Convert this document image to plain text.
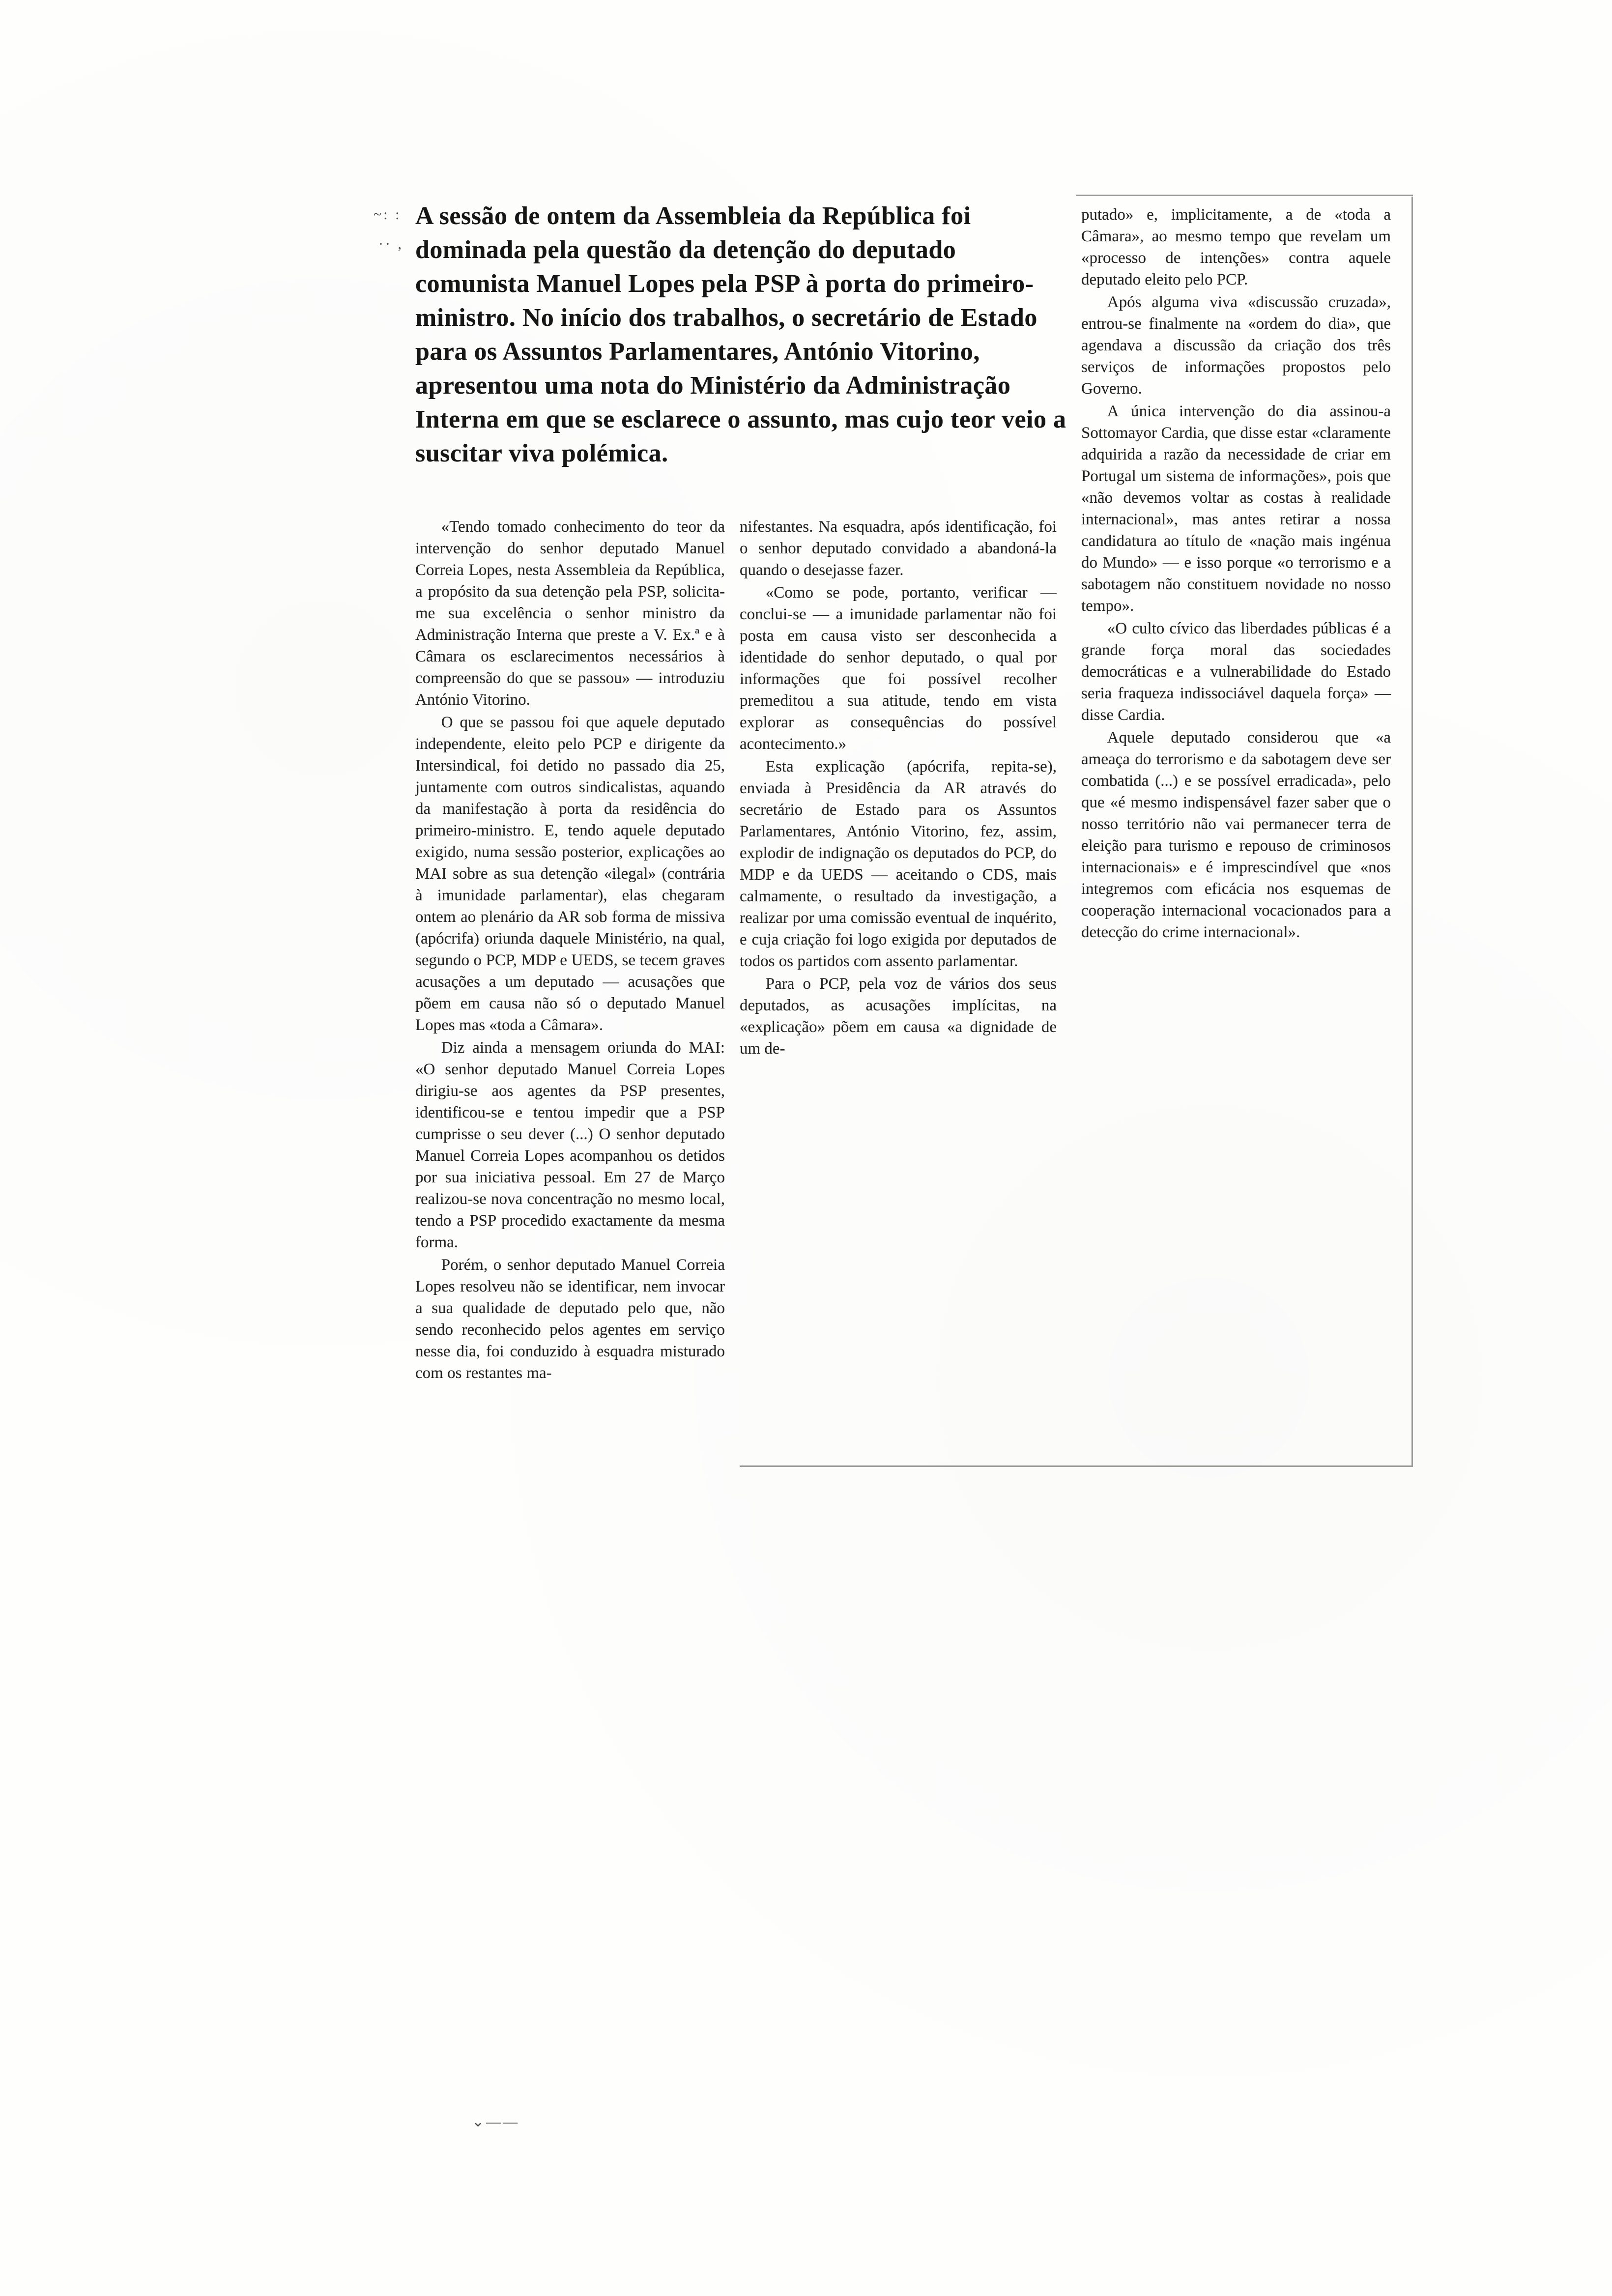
~: :
·· ,
⌄——
A sessão de ontem da Assembleia da República foi dominada pela questão da detenção do deputado comunista Manuel Lopes pela PSP à porta do primeiro-ministro. No início dos trabalhos, o secretário de Estado para os Assuntos Parlamentares, António Vitorino, apresentou uma nota do Ministério da Administração Interna em que se esclarece o assunto, mas cujo teor veio a suscitar viva polémica.

«Tendo tomado conhecimento do teor da intervenção do senhor deputado Manuel Correia Lopes, nesta Assembleia da República, a propósito da sua detenção pela PSP, solicita-me sua excelência o senhor ministro da Administração Interna que preste a V. Ex.ª e à Câmara os esclarecimentos necessários à compreensão do que se passou» — introduziu António Vitorino.

O que se passou foi que aquele deputado independente, eleito pelo PCP e dirigente da Intersindical, foi detido no passado dia 25, juntamente com outros sindicalistas, aquando da manifestação à porta da residência do primeiro-ministro. E, tendo aquele deputado exigido, numa sessão posterior, explicações ao MAI sobre as sua detenção «ilegal» (contrária à imunidade parlamentar), elas chegaram ontem ao plenário da AR sob forma de missiva (apócrifa) oriunda daquele Ministério, na qual, segundo o PCP, MDP e UEDS, se tecem graves acusações a um deputado — acusações que põem em causa não só o deputado Manuel Lopes mas «toda a Câmara».

Diz ainda a mensagem oriunda do MAI: «O senhor deputado Manuel Correia Lopes dirigiu-se aos agentes da PSP presentes, identificou-se e tentou impedir que a PSP cumprisse o seu dever (...) O senhor deputado Manuel Correia Lopes acompanhou os detidos por sua iniciativa pessoal. Em 27 de Março realizou-se nova concentração no mesmo local, tendo a PSP procedido exactamente da mesma forma.

Porém, o senhor deputado Manuel Correia Lopes resolveu não se identificar, nem invocar a sua qualidade de deputado pelo que, não sendo reconhecido pelos agentes em serviço nesse dia, foi conduzido à esquadra misturado com os restantes ma-

nifestantes. Na esquadra, após identificação, foi o senhor deputado convidado a abandoná-la quando o desejasse fazer.

«Como se pode, portanto, verificar — conclui-se — a imunidade parlamentar não foi posta em causa visto ser desconhecida a identidade do senhor deputado, o qual por informações que foi possível recolher premeditou a sua atitude, tendo em vista explorar as consequências do possível acontecimento.»

Esta explicação (apócrifa, repita-se), enviada à Presidência da AR através do secretário de Estado para os Assuntos Parlamentares, António Vitorino, fez, assim, explodir de indignação os deputados do PCP, do MDP e da UEDS — aceitando o CDS, mais calmamente, o resultado da investigação, a realizar por uma comissão eventual de inquérito, e cuja criação foi logo exigida por deputados de todos os partidos com assento parlamentar.

Para o PCP, pela voz de vários dos seus deputados, as acusações implícitas, na «explicação» põem em causa «a dignidade de um de-

putado» e, implicitamente, a de «toda a Câmara», ao mesmo tempo que revelam um «processo de intenções» contra aquele deputado eleito pelo PCP.

Após alguma viva «discussão cruzada», entrou-se finalmente na «ordem do dia», que agendava a discussão da criação dos três serviços de informações propostos pelo Governo.

A única intervenção do dia assinou-a Sottomayor Cardia, que disse estar «claramente adquirida a razão da necessidade de criar em Portugal um sistema de informações», pois que «não devemos voltar as costas à realidade internacional», mas antes retirar a nossa candidatura ao título de «nação mais ingénua do Mundo» — e isso porque «o terrorismo e a sabotagem não constituem novidade no nosso tempo».

«O culto cívico das liberdades públicas é a grande força moral das sociedades democráticas e a vulnerabilidade do Estado seria fraqueza indissociável daquela força» — disse Cardia.

Aquele deputado considerou que «a ameaça do terrorismo e da sabotagem deve ser combatida (...) e se possível erradicada», pelo que «é mesmo indispensável fazer saber que o nosso território não vai permanecer terra de eleição para turismo e repouso de criminosos internacionais» e é imprescindível que «nos integremos com eficácia nos esquemas de cooperação internacional vocacionados para a detecção do crime internacional».
